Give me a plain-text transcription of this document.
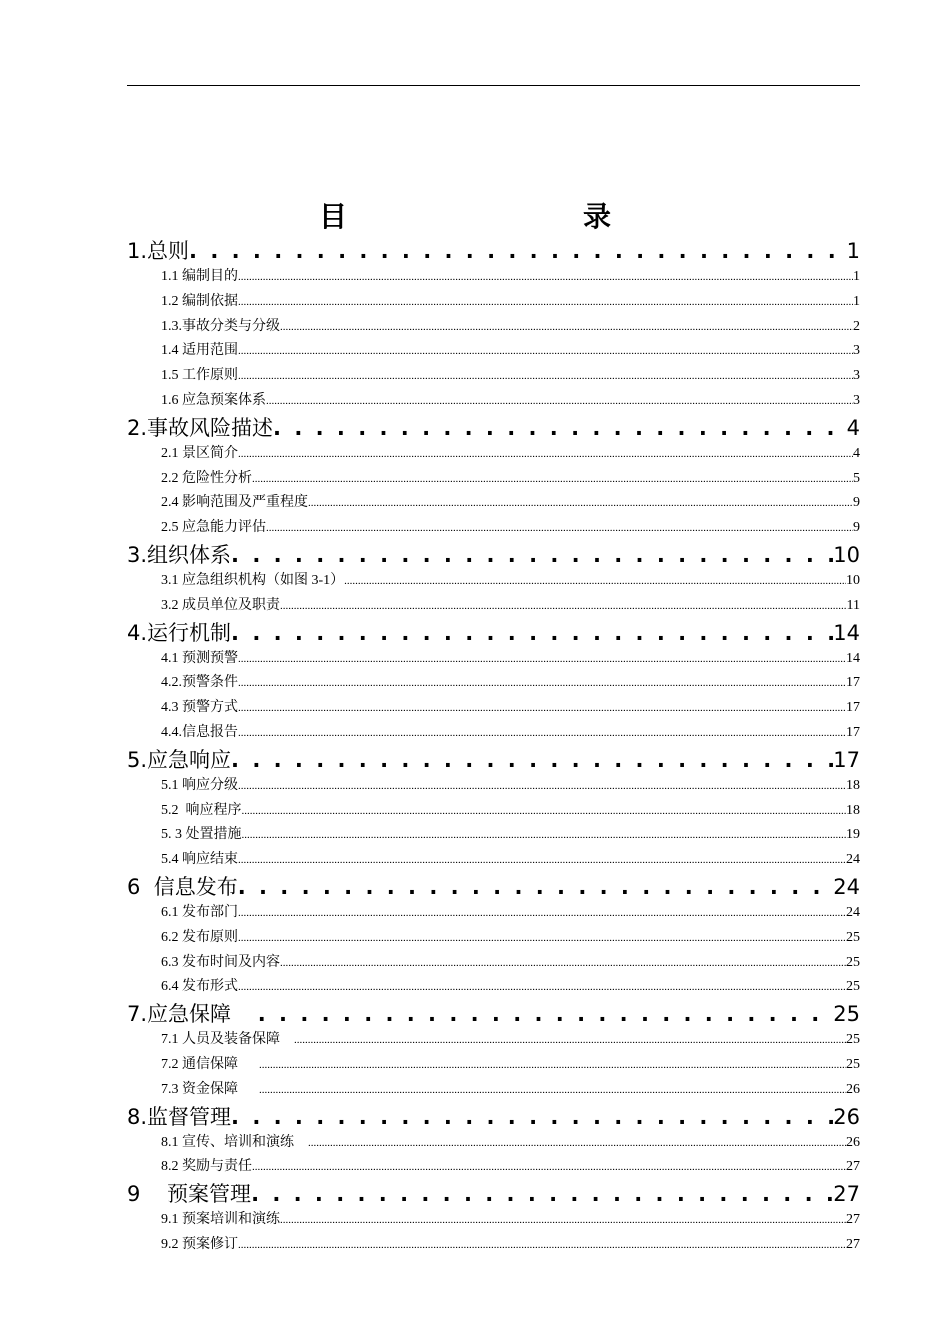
目　　录
1.总则 . . .	1
1.1 编制目的 .....	1
1.2 编制依据 .....	1
1.3.事故分类与分级 .....	2
1.4 适用范围 .....	3
1.5 工作原则 .....	3
1.6 应急预案体系 .....	3
2.事故风险描述 . . .	4
2.1 景区简介 .....	4
2.2 危险性分析 .....	5
2.4 影响范围及严重程度 .....	9
2.5 应急能力评估 .....	9
3.组织体系 . . .	10
3.1 应急组织机构（如图 3-1） .....	10
3.2 成员单位及职责 .....	11
4.运行机制 . . .	14
4.1 预测预警 .....	14
4.2.预警条件 .....	17
4.3 预警方式 .....	17
4.4.信息报告 .....	17
5.应急响应 . . .	17
5.1 响应分级 .....	18
5.2  响应程序 .....	18
5. 3 处置措施 .....	19
5.4 响应结束 .....	24
6  信息发布 . . .	24
6.1 发布部门 .....	24
6.2 发布原则 .....	25
6.3 发布时间及内容 .....	25
6.4 发布形式 .....	25
7.应急保障 . . .	25
7.1 人员及装备保障 .....	25
7.2 通信保障 .....	25
7.3 资金保障 .....	26
8.监督管理 . . .	26
8.1 宣传、培训和演练 .....	26
8.2 奖励与责任 .....	27
9    预案管理 . . .	27
9.1 预案培训和演练 .....	27
9.2 预案修订 .....	27
